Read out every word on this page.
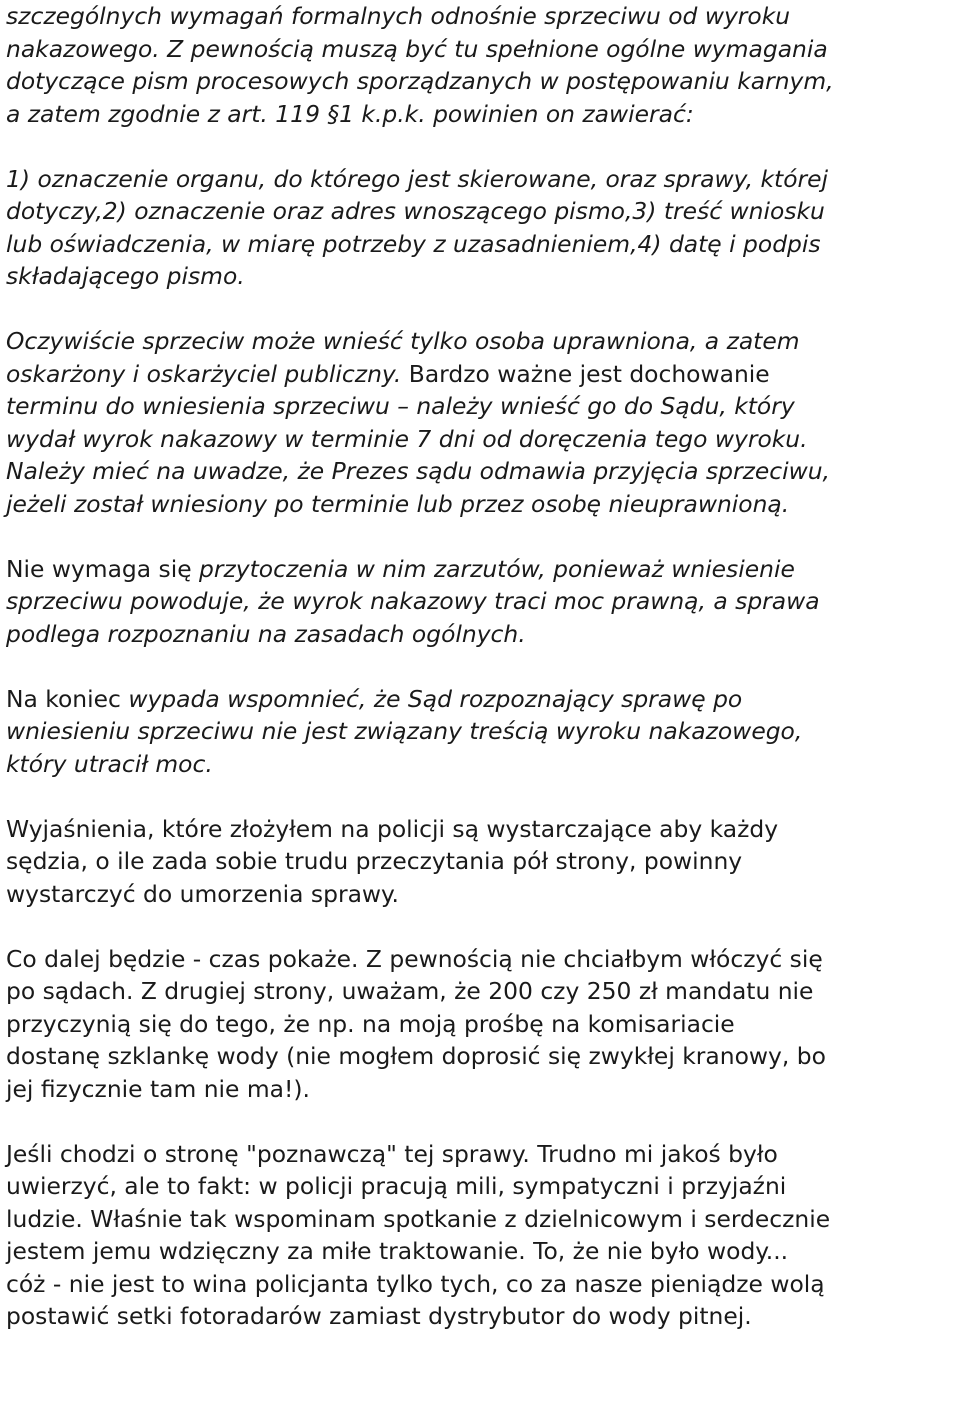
szczególnych wymagań formalnych odnośnie sprzeciwu od wyroku
nakazowego. Z pewnością muszą być tu spełnione ogólne wymagania
dotyczące pism procesowych sporządzanych w postępowaniu karnym,
a zatem zgodnie z art. 119 §1 k.p.k. powinien on zawierać:
1) oznaczenie organu, do którego jest skierowane, oraz sprawy, której
dotyczy,2) oznaczenie oraz adres wnoszącego pismo,3) treść wniosku
lub oświadczenia, w miarę potrzeby z uzasadnieniem,4) datę i podpis
składającego pismo.
Oczywiście sprzeciw może wnieść tylko osoba uprawniona, a zatem
oskarżony i oskarżyciel publiczny. Bardzo ważne jest dochowanie
terminu do wniesienia sprzeciwu – należy wnieść go do Sądu, który
wydał wyrok nakazowy w terminie 7 dni od doręczenia tego wyroku.
Należy mieć na uwadze, że Prezes sądu odmawia przyjęcia sprzeciwu,
jeżeli został wniesiony po terminie lub przez osobę nieuprawnioną.
Nie wymaga się przytoczenia w nim zarzutów, ponieważ wniesienie
sprzeciwu powoduje, że wyrok nakazowy traci moc prawną, a sprawa
podlega rozpoznaniu na zasadach ogólnych.
Na koniec wypada wspomnieć, że Sąd rozpoznający sprawę po
wniesieniu sprzeciwu nie jest związany treścią wyroku nakazowego,
który utracił moc.
Wyjaśnienia, które złożyłem na policji są wystarczające aby każdy
sędzia, o ile zada sobie trudu przeczytania pół strony, powinny
wystarczyć do umorzenia sprawy.
Co dalej będzie - czas pokaże. Z pewnością nie chciałbym włóczyć się
po sądach. Z drugiej strony, uważam, że 200 czy 250 zł mandatu nie
przyczynią się do tego, że np. na moją prośbę na komisariacie
dostanę szklankę wody (nie mogłem doprosić się zwykłej kranowy, bo
jej fizycznie tam nie ma!).
Jeśli chodzi o stronę "poznawczą" tej sprawy. Trudno mi jakoś było
uwierzyć, ale to fakt: w policji pracują mili, sympatyczni i przyjaźni
ludzie. Właśnie tak wspominam spotkanie z dzielnicowym i serdecznie
jestem jemu wdzięczny za miłe traktowanie. To, że nie było wody...
cóż - nie jest to wina policjanta tylko tych, co za nasze pieniądze wolą
postawić setki fotoradarów zamiast dystrybutor do wody pitnej.
